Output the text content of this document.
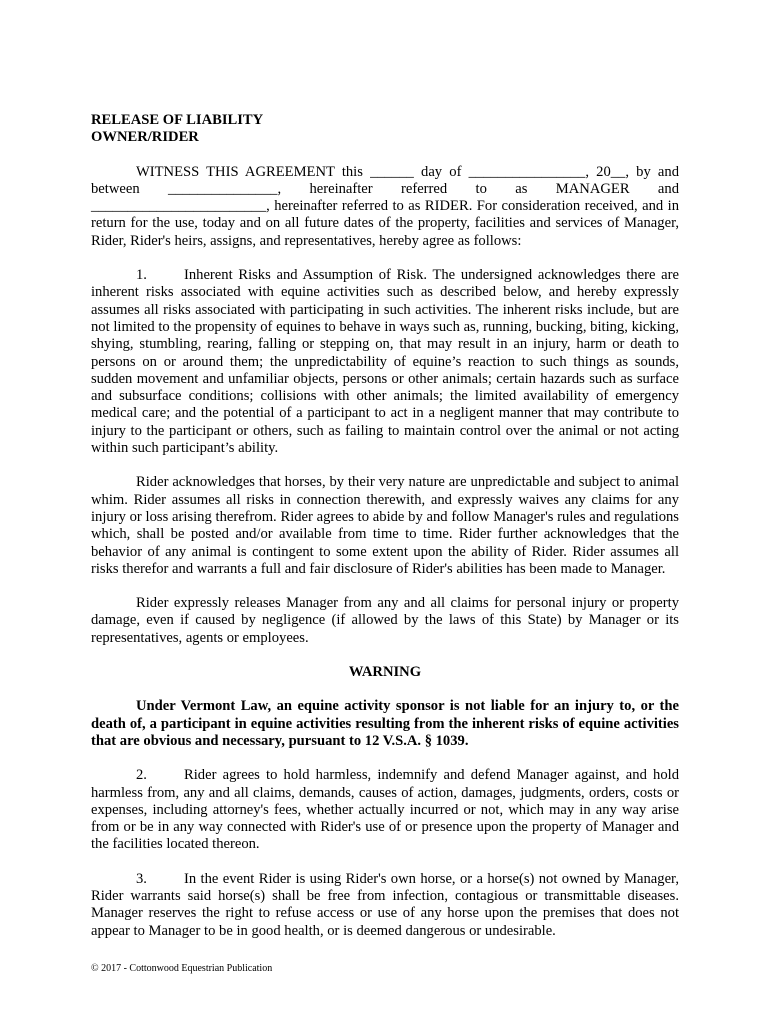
RELEASE OF LIABILITY
OWNER/RIDER

WITNESS THIS AGREEMENT this ______ day of ________________, 20__, by and between _______________, hereinafter referred to as MANAGER and ________________________, hereinafter referred to as RIDER. For consideration received, and in return for the use, today and on all future dates of the property, facilities and services of Manager, Rider, Rider's heirs, assigns, and representatives, hereby agree as follows:

1.	Inherent Risks and Assumption of Risk. The undersigned acknowledges there are inherent risks associated with equine activities such as described below, and hereby expressly assumes all risks associated with participating in such activities. The inherent risks include, but are not limited to the propensity of equines to behave in ways such as, running, bucking, biting, kicking, shying, stumbling, rearing, falling or stepping on, that may result in an injury, harm or death to persons on or around them; the unpredictability of equine’s reaction to such things as sounds, sudden movement and unfamiliar objects, persons or other animals; certain hazards such as surface and subsurface conditions; collisions with other animals; the limited availability of emergency medical care; and the potential of a participant to act in a negligent manner that may contribute to injury to the participant or others, such as failing to maintain control over the animal or not acting within such participant’s ability.

Rider acknowledges that horses, by their very nature are unpredictable and subject to animal whim. Rider assumes all risks in connection therewith, and expressly waives any claims for any injury or loss arising therefrom. Rider agrees to abide by and follow Manager's rules and regulations which, shall be posted and/or available from time to time. Rider further acknowledges that the behavior of any animal is contingent to some extent upon the ability of Rider. Rider assumes all risks therefor and warrants a full and fair disclosure of Rider's abilities has been made to Manager.

Rider expressly releases Manager from any and all claims for personal injury or property damage, even if caused by negligence (if allowed by the laws of this State) by Manager or its representatives, agents or employees.

WARNING

Under Vermont Law, an equine activity sponsor is not liable for an injury to, or the death of, a participant in equine activities resulting from the inherent risks of equine activities that are obvious and necessary, pursuant to 12 V.S.A. § 1039.

2.	Rider agrees to hold harmless, indemnify and defend Manager against, and hold harmless from, any and all claims, demands, causes of action, damages, judgments, orders, costs or expenses, including attorney's fees, whether actually incurred or not, which may in any way arise from or be in any way connected with Rider's use of or presence upon the property of Manager and the facilities located thereon.

3.	In the event Rider is using Rider's own horse, or a horse(s) not owned by Manager, Rider warrants said horse(s) shall be free from infection, contagious or transmittable diseases. Manager reserves the right to refuse access or use of any horse upon the premises that does not appear to Manager to be in good health, or is deemed dangerous or undesirable.

© 2017 - Cottonwood Equestrian Publication
